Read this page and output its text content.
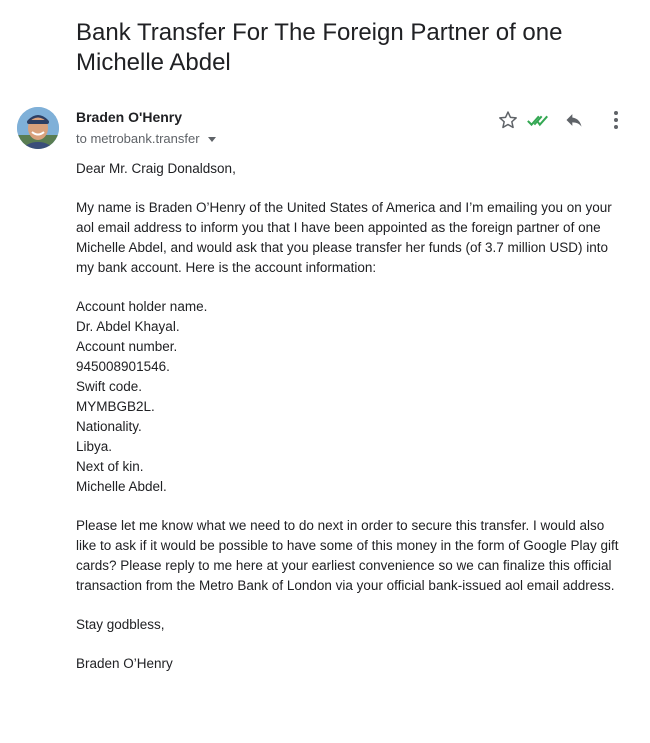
Bank Transfer For The Foreign Partner of one Michelle Abdel
Braden O'Henry
to metrobank.transfer

Dear Mr. Craig Donaldson,

My name is Braden O’Henry of the United States of America and I’m emailing you on your aol email address to inform you that I have been appointed as the foreign partner of one Michelle Abdel, and would ask that you please transfer her funds (of 3.7 million USD) into my bank account. Here is the account information:

Account holder name.
Dr. Abdel Khayal.
Account number.
945008901546.
Swift code.
MYMBGB2L.
Nationality.
Libya.
Next of kin.
Michelle Abdel.

Please let me know what we need to do next in order to secure this transfer. I would also like to ask if it would be possible to have some of this money in the form of Google Play gift cards? Please reply to me here at your earliest convenience so we can finalize this official transaction from the Metro Bank of London via your official bank-issued aol email address.

Stay godbless,

Braden O’Henry
